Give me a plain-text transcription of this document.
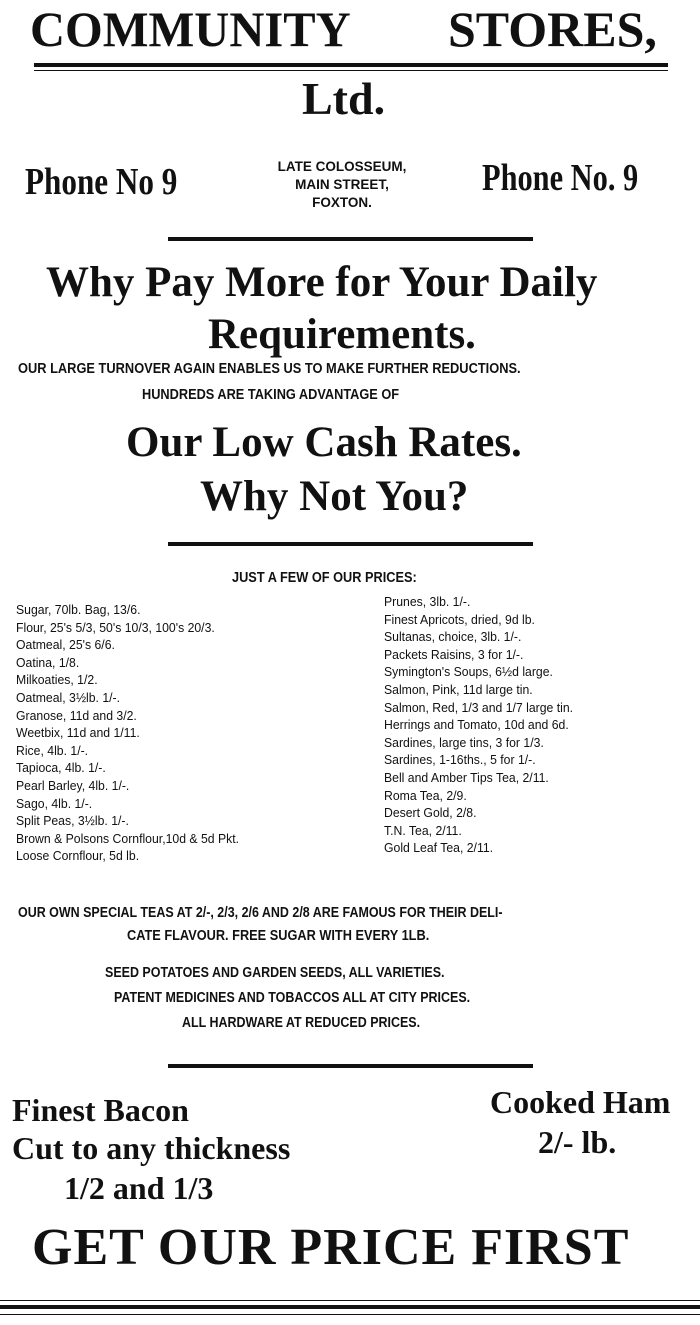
COMMUNITY STORES,
Ltd.
Phone No 9	LATE COLOSSEUM,
MAIN STREET,
FOXTON.
Phone No. 9
Why Pay More for Your Daily
Requirements.
OUR LARGE TURNOVER AGAIN ENABLES US TO MAKE FURTHER REDUCTIONS.
HUNDREDS ARE TAKING ADVANTAGE OF
Our Low Cash Rates.
Why Not You?
JUST A FEW OF OUR PRICES:
Sugar, 70lb. Bag, 13/6.
Flour, 25's 5/3, 50's 10/3, 100's 20/3.
Oatmeal, 25's 6/6.
Oatina, 1/8.
Milkoaties, 1/2.
Oatmeal, 3½lb. 1/-.
Granose, 11d and 3/2.
Weetbix, 11d and 1/11.
Rice, 4lb. 1/-.
Tapioca, 4lb. 1/-.
Pearl Barley, 4lb. 1/-.
Sago, 4lb. 1/-.
Split Peas, 3½lb. 1/-.
Brown & Polsons Cornflour,10d & 5d Pkt.
Loose Cornflour, 5d lb.
Prunes, 3lb. 1/-.
Finest Apricots, dried, 9d lb.
Sultanas, choice, 3lb. 1/-.
Packets Raisins, 3 for 1/-.
Symington's Soups, 6½d large.
Salmon, Pink, 11d large tin.
Salmon, Red, 1/3 and 1/7 large tin.
Herrings and Tomato, 10d and 6d.
Sardines, large tins, 3 for 1/3.
Sardines, 1-16ths., 5 for 1/-.
Bell and Amber Tips Tea, 2/11.
Roma Tea, 2/9.
Desert Gold, 2/8.
T.N. Tea, 2/11.
Gold Leaf Tea, 2/11.
OUR OWN SPECIAL TEAS AT 2/-, 2/3, 2/6 AND 2/8 ARE FAMOUS FOR THEIR DELI-
CATE FLAVOUR. FREE SUGAR WITH EVERY 1LB.
SEED POTATOES AND GARDEN SEEDS, ALL VARIETIES.
PATENT MEDICINES AND TOBACCOS ALL AT CITY PRICES.
ALL HARDWARE AT REDUCED PRICES.
Finest Bacon
Cut to any thickness
1/2 and 1/3
Cooked Ham
2/- lb.
GET OUR PRICE FIRST
